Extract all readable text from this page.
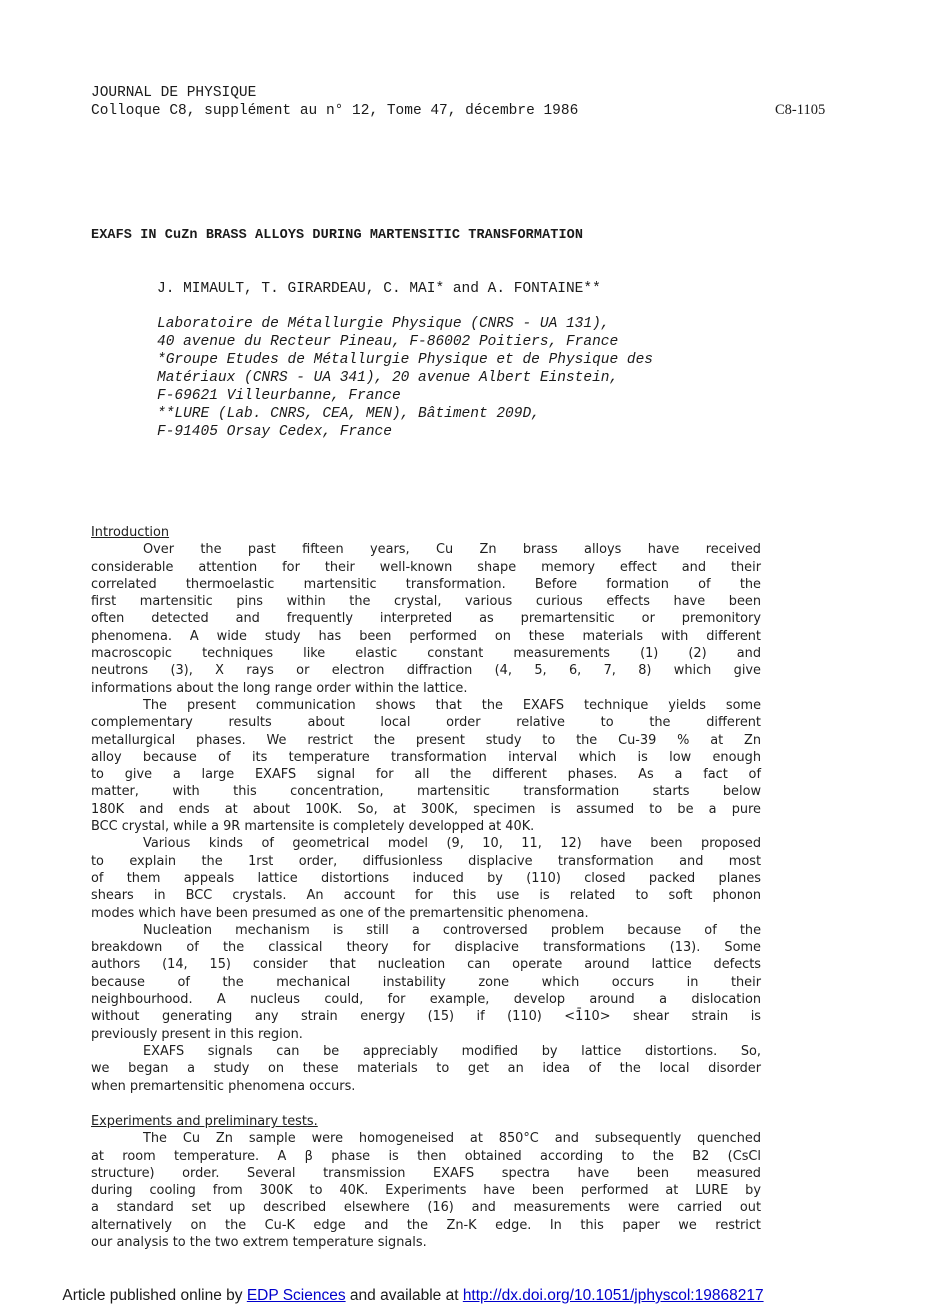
JOURNAL DE PHYSIQUE
Colloque C8, supplément au n° 12, Tome 47, décembre 1986	C8-1105
EXAFS IN CuZn BRASS ALLOYS DURING MARTENSITIC TRANSFORMATION
J. MIMAULT, T. GIRARDEAU, C. MAI* and A. FONTAINE**
Laboratoire de Métallurgie Physique (CNRS - UA 131),
40 avenue du Recteur Pineau, F-86002 Poitiers, France
*Groupe Etudes de Métallurgie Physique et de Physique des
Matériaux (CNRS - UA 341), 20 avenue Albert Einstein,
F-69621 Villeurbanne, France
**LURE (Lab. CNRS, CEA, MEN), Bâtiment 209D,
F-91405 Orsay Cedex, France
Introduction
Over the past fifteen years, Cu Zn brass alloys have received
considerable attention for their well-known shape memory effect and their
correlated thermoelastic martensitic transformation. Before formation of the
first martensitic pins within the crystal, various curious effects have been
often detected and frequently interpreted as premartensitic or premonitory
phenomena. A wide study has been performed on these materials with different
macroscopic techniques like elastic constant measurements (1) (2) and
neutrons (3), X rays or electron diffraction (4, 5, 6, 7, 8) which give
informations about the long range order within the lattice.
The present communication shows that the EXAFS technique yields some
complementary results about local order relative to the different
metallurgical phases. We restrict the present study to the Cu-39 % at Zn
alloy because of its temperature transformation interval which is low enough
to give a large EXAFS signal for all the different phases. As a fact of
matter, with this concentration, martensitic transformation starts below
180K and ends at about 100K. So, at 300K, specimen is assumed to be a pure
BCC crystal, while a 9R martensite is completely developped at 40K.
Various kinds of geometrical model (9, 10, 11, 12) have been proposed
to explain the 1rst order, diffusionless displacive transformation and most
of them appeals lattice distortions induced by (110) closed packed planes
shears in BCC crystals. An account for this use is related to soft phonon
modes which have been presumed as one of the premartensitic phenomena.
Nucleation mechanism is still a controversed problem because of the
breakdown of the classical theory for displacive transformations (13). Some
authors (14, 15) consider that nucleation can operate around lattice defects
because of the mechanical instability zone which occurs in their
neighbourhood. A nucleus could, for example, develop around a dislocation
without generating any strain energy (15) if (110) <1̄10> shear strain is
previously present in this region.
EXAFS signals can be appreciably modified by lattice distortions. So,
we began a study on these materials to get an idea of the local disorder
when premartensitic phenomena occurs.
Experiments and preliminary tests.
The Cu Zn sample were homogeneised at 850°C and subsequently quenched
at room temperature. A β phase is then obtained according to the B2 (CsCl
structure) order. Several transmission EXAFS spectra have been measured
during cooling from 300K to 40K. Experiments have been performed at LURE by
a standard set up described elsewhere (16) and measurements were carried out
alternatively on the Cu-K edge and the Zn-K edge. In this paper we restrict
our analysis to the two extrem temperature signals.
Article published online by EDP Sciences and available at http://dx.doi.org/10.1051/jphyscol:19868217
